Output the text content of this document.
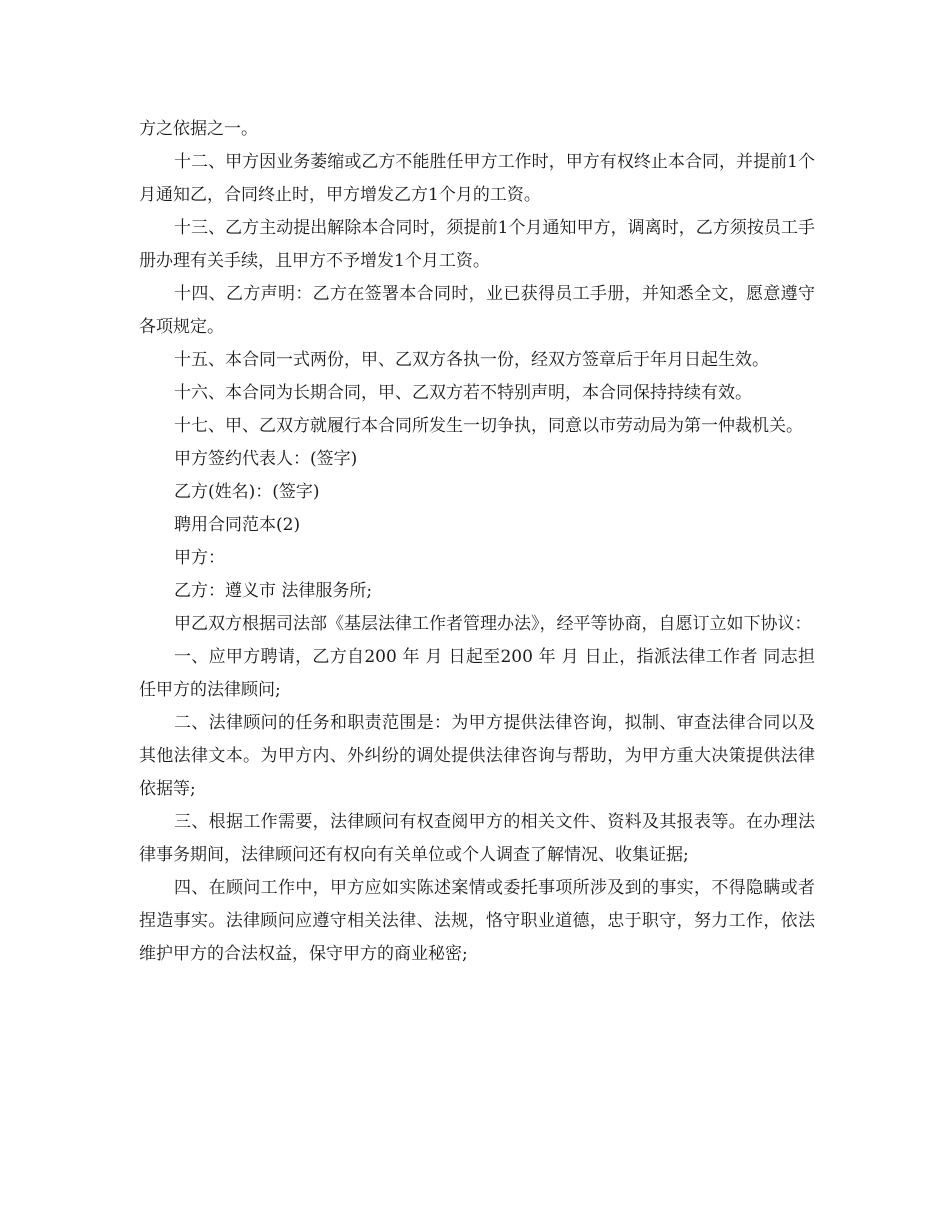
方之依据之一。

十二、甲方因业务萎缩或乙方不能胜任甲方工作时，甲方有权终止本合同，并提前1个月通知乙，合同终止时，甲方增发乙方1个月的工资。

十三、乙方主动提出解除本合同时，须提前1个月通知甲方，调离时，乙方须按员工手册办理有关手续，且甲方不予增发1个月工资。

十四、乙方声明：乙方在签署本合同时，业已获得员工手册，并知悉全文，愿意遵守各项规定。

十五、本合同一式两份，甲、乙双方各执一份，经双方签章后于年月日起生效。

十六、本合同为长期合同，甲、乙双方若不特别声明，本合同保持持续有效。

十七、甲、乙双方就履行本合同所发生一切争执，同意以市劳动局为第一仲裁机关。

甲方签约代表人：(签字)

乙方(姓名)：(签字)

聘用合同范本(2)

甲方：

乙方：遵义市 法律服务所;

甲乙双方根据司法部《基层法律工作者管理办法》，经平等协商，自愿订立如下协议：

一、应甲方聘请，乙方自200 年 月 日起至200 年 月 日止，指派法律工作者 同志担任甲方的法律顾问;

二、法律顾问的任务和职责范围是：为甲方提供法律咨询，拟制、审查法律合同以及其他法律文本。为甲方内、外纠纷的调处提供法律咨询与帮助，为甲方重大决策提供法律依据等;

三、根据工作需要，法律顾问有权查阅甲方的相关文件、资料及其报表等。在办理法律事务期间，法律顾问还有权向有关单位或个人调查了解情况、收集证据;

四、在顾问工作中，甲方应如实陈述案情或委托事项所涉及到的事实，不得隐瞒或者捏造事实。法律顾问应遵守相关法律、法规，恪守职业道德，忠于职守，努力工作，依法维护甲方的合法权益，保守甲方的商业秘密;
